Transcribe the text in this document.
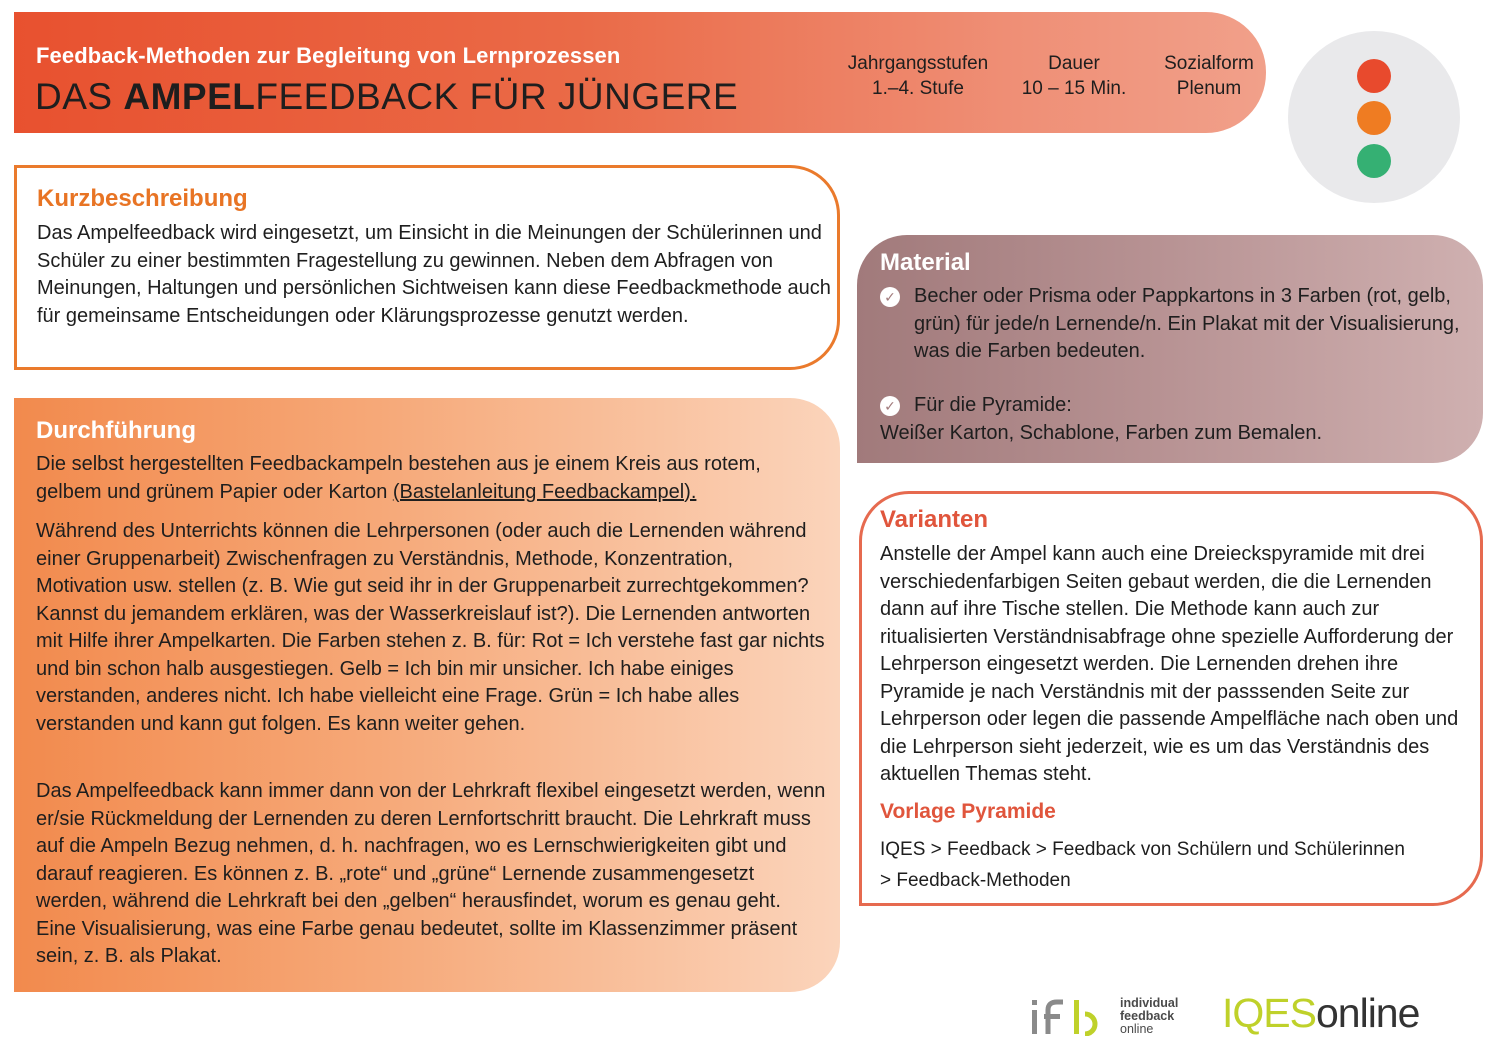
Feedback-Methoden zur Begleitung von Lernprozessen
DAS AMPELFEEDBACK FÜR JÜNGERE
Jahrgangsstufen
1.–4. Stufe
Dauer
10 – 15 Min.
Sozialform
Plenum
Kurzbeschreibung
Das Ampelfeedback wird eingesetzt, um Einsicht in die Meinungen der Schülerinnen und Schüler zu einer bestimmten Fragestellung zu gewinnen. Neben dem Abfragen von Meinungen, Haltungen und persönlichen Sichtweisen kann diese Feedbackmethode auch für gemeinsame Entscheidungen oder Klärungsprozesse genutzt werden.
Durchführung
Die selbst hergestellten Feedbackampeln bestehen aus je einem Kreis aus rotem, gelbem und grünem Papier oder Karton (Bastelanleitung Feedbackampel).
Während des Unterrichts können die Lehrpersonen (oder auch die Lernenden während einer Gruppenarbeit) Zwischenfragen zu Verständnis, Methode, Konzentration, Motivation usw. stellen (z. B. Wie gut seid ihr in der Gruppenarbeit zurrechtgekommen? Kannst du jemandem erklären, was der Wasserkreislauf ist?). Die Lernenden antworten mit Hilfe ihrer Ampelkarten. Die Farben stehen z. B. für: Rot = Ich verstehe fast gar nichts und bin schon halb ausgestiegen. Gelb = Ich bin mir unsicher. Ich habe einiges verstanden, anderes nicht. Ich habe vielleicht eine Frage. Grün = Ich habe alles verstanden und kann gut folgen. Es kann weiter gehen.
Das Ampelfeedback kann immer dann von der Lehrkraft flexibel eingesetzt werden, wenn er/sie Rückmeldung der Lernenden zu deren Lernfortschritt braucht. Die Lehrkraft muss auf die Ampeln Bezug nehmen, d. h. nachfragen, wo es Lernschwierigkeiten gibt und darauf reagieren. Es können z. B. „rote“ und „grüne“ Lernende zusammengesetzt werden, während die Lehrkraft bei den „gelben“ herausfindet, worum es genau geht. Eine Visualisierung, was eine Farbe genau bedeutet, sollte im Klassenzimmer präsent sein, z. B. als Plakat.
Material
✓ Becher oder Prisma oder Pappkartons in 3 Farben (rot, gelb, grün) für jede/n Lernende/n. Ein Plakat mit der Visualisierung, was die Farben bedeuten.
✓ Für die Pyramide:
Weißer Karton, Schablone, Farben zum Bemalen.
Varianten
Anstelle der Ampel kann auch eine Dreieckspyramide mit drei verschiedenfarbigen Seiten gebaut werden, die die Lernenden dann auf ihre Tische stellen. Die Methode kann auch zur ritualisierten Verständnisabfrage ohne spezielle Aufforderung der Lehrperson eingesetzt werden. Die Lernenden drehen ihre Pyramide je nach Verständnis mit der passsenden Seite zur Lehrperson oder legen die passende Ampelfläche nach oben und die Lehrperson sieht jederzeit, wie es um das Verständnis des aktuellen Themas steht.
Vorlage Pyramide
IQES > Feedback > Feedback von Schülern und Schülerinnen
> Feedback-Methoden
individual
feedback
online	IQESonline
